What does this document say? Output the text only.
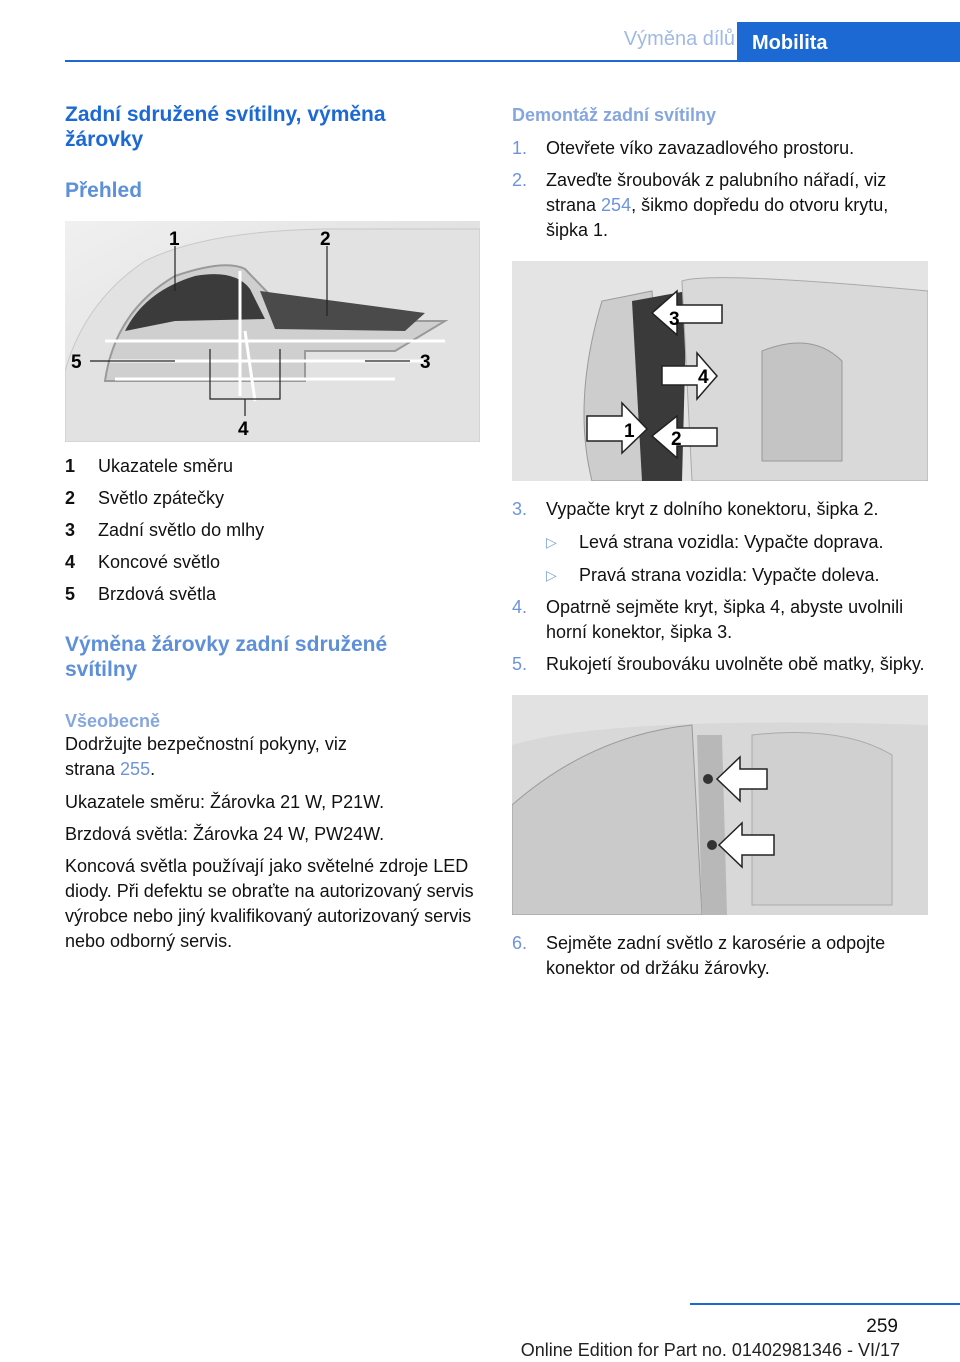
Výměna dílů Mobilita
Zadní sdružené svítilny, výměna žárovky
Přehled
1	2
3
4
5
1	Ukazatele směru
2	Světlo zpátečky
3	Zadní světlo do mlhy
4	Koncové světlo
5	Brzdová světla
Výměna žárovky zadní sdružené svítilny
Všeobecně

Dodržujte bezpečnostní pokyny, viz strana 255.

Ukazatele směru: Žárovka 21 W, P21W.

Brzdová světla: Žárovka 24 W, PW24W.

Koncová světla používají jako světelné zdroje LED diody. Při defektu se obraťte na autorizovaný servis výrobce nebo jiný kvalifikovaný autorizovaný servis nebo odborný servis.

Demontáž zadní svítilny
1.	Otevřete víko zavazadlového prostoru.
2.	Zaveďte šroubovák z palubního nářadí, viz strana 254, šikmo dopředu do otvoru krytu, šipka 1.
3
4
1 2
3.	Vypačte kryt z dolního konektoru, šipka 2.
▷	Levá strana vozidla: Vypačte doprava.
▷	Pravá strana vozidla: Vypačte doleva.
4.	Opatrně sejměte kryt, šipka 4, abyste uvolnili horní konektor, šipka 3.
5.	Rukojetí šroubováku uvolněte obě matky, šipky.
6.	Sejměte zadní světlo z karosérie a odpojte konektor od držáku žárovky.
259
Online Edition for Part no. 01402981346 - VI/17
